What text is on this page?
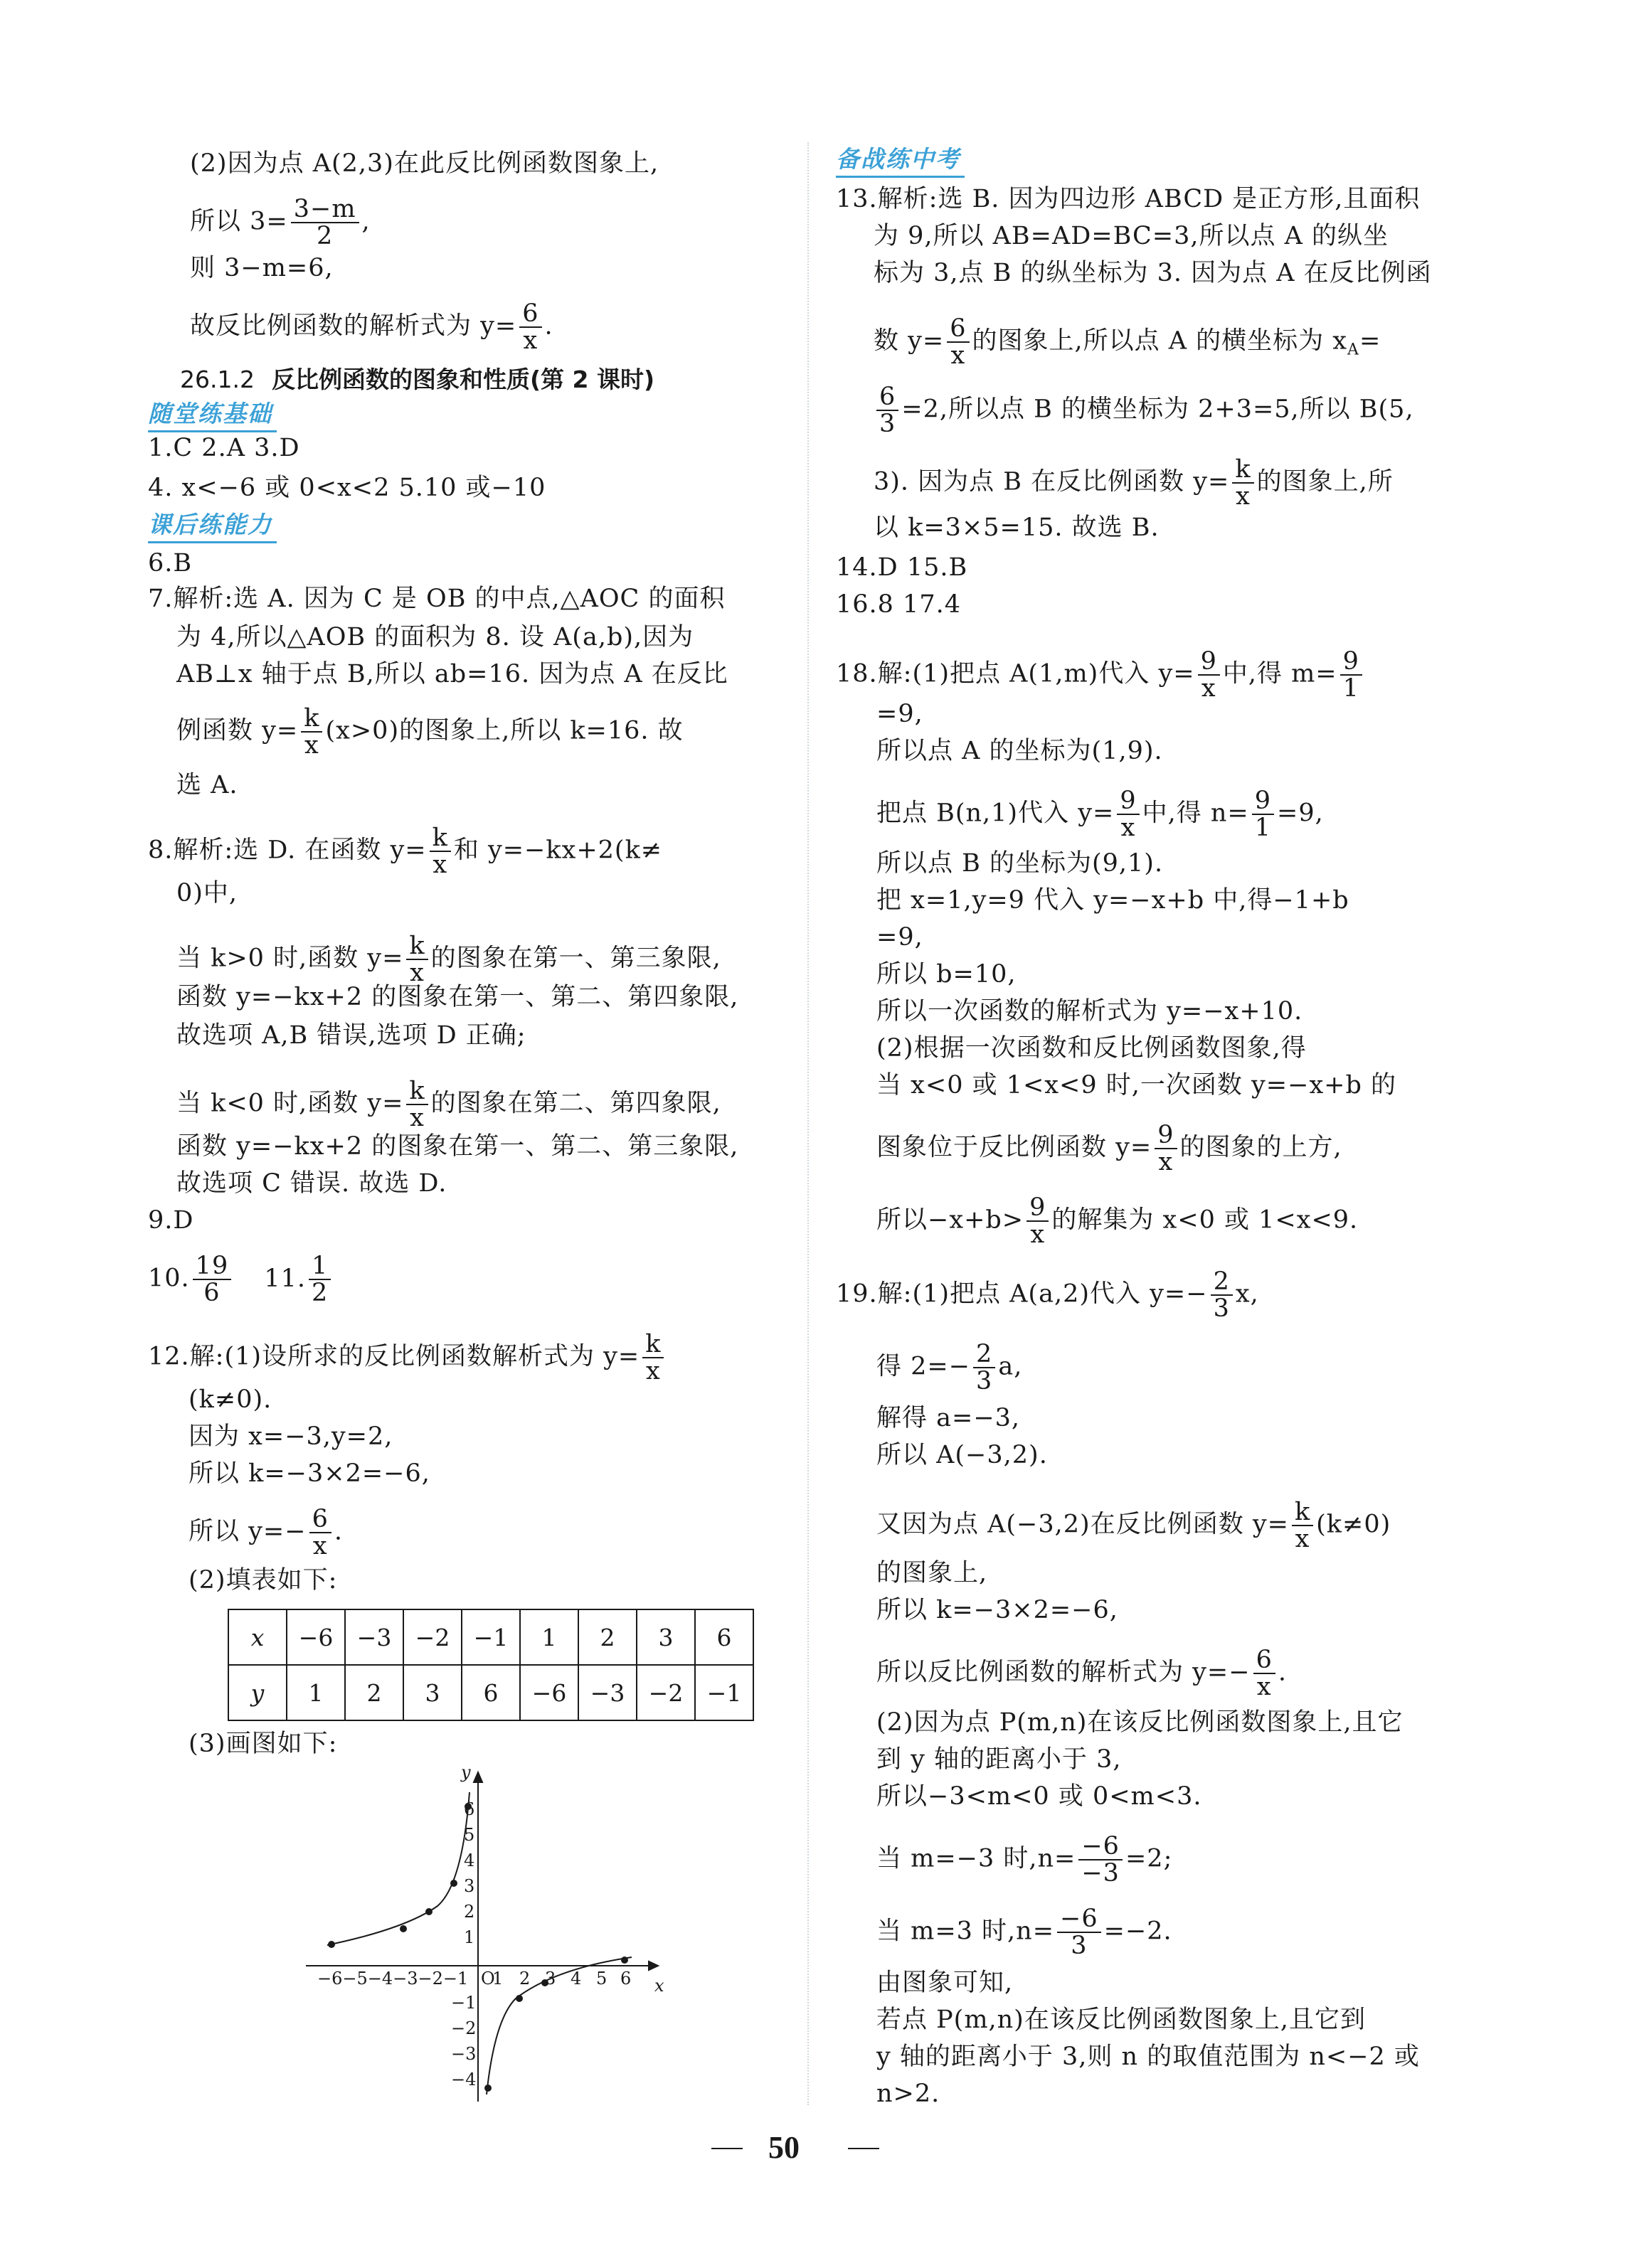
(2)因为点 A(2,3)在此反比例函数图象上,
所以 $3= \frac{3-m}{2}$ ,
则 3−m=6,
故反比例函数的解析式为 $y= \frac{6}{x}$ .
26.1.2 反比例函数的图象和性质(第 2 课时)
随堂练基础
1.C 2.A 3.D
4. x<−6 或 0<x<2 5.10 或−10
课后练能力
6.B
7.解析:选 A. 因为 C 是 OB 的中点,△AOC 的面积
为 4,所以△AOB 的面积为 8. 设 A(a,b),因为
AB⊥x 轴于点 B,所以 ab=16. 因为点 A 在反比
例函数 $y= \frac{k}{x} (x>0)$的图象上,所以 k=16. 故
选 A.
8.解析:选 D. 在函数 $y= \frac{k}{x}$ 和 y=−kx+2(k≠
0)中,
当 k>0 时,函数 $y= \frac{k}{x}$ 的图象在第一、第三象限,
函数 y=−kx+2 的图象在第一、第二、第四象限,
故选项 A,B 错误,选项 D 正确;
当 k<0 时,函数 $y= \frac{k}{x}$ 的图象在第二、第四象限,
函数 y=−kx+2 的图象在第一、第二、第三象限,
故选项 C 错误. 故选 D.
9.D
10. $\frac{19}{6} 11$. $\frac{1}{2}$
12.解:(1)设所求的反比例函数解析式为 $y= \frac{k}{x}$
(k≠0).
因为 x=−3,y=2,
所以 k=−3×2=−6,
所以 $y=- \frac{6}{x}$ .
(2)填表如下:
x	−6	−3	−2	−1	1	2	3	6
y	1	2	3	6	−6	−3	−2	−1
(3)画图如下:
x
y
O
−6−5−4−3−2−1 1 2 3 4 5 6
6
5
4
3
2
1
−1
−2
−3
−4
备战练中考
13.解析:选 B. 因为四边形 ABCD 是正方形,且面积
为 9,所以 AB=AD=BC=3,所以点 A 的纵坐
标为 3,点 B 的纵坐标为 3. 因为点 A 在反比例函
数 $y= \frac{6}{x}$ 的图象上,所以点 A 的横坐标为 $x_A=$
$\frac{6}{3} =2$,所以点 B 的横坐标为 2+3=5,所以 B(5,
3). 因为点 B 在反比例函数 $y= \frac{k}{x}$ 的图象上,所
以 k=3×5=15. 故选 B.
14.D 15.B
16.8 17.4
18.解:(1)把点 A(1,m)代入 $y= \frac{9}{x}$ 中,得 $m= \frac{9}{1}$
=9,
所以点 A 的坐标为(1,9).
把点 B(n,1)代入 $y= \frac{9}{x}$ 中,得 $n= \frac{9}{1} =9$,
所以点 B 的坐标为(9,1).
把 x=1,y=9 代入 y=−x+b 中,得−1+b
=9,
所以 b=10,
所以一次函数的解析式为 y=−x+10.
(2)根据一次函数和反比例函数图象,得
当 x<0 或 1<x<9 时,一次函数 y=−x+b 的
图象位于反比例函数 $y= \frac{9}{x}$ 的图象的上方,
所以$-x+b> \frac{9}{x}$ 的解集为 x<0 或 1<x<9.
19.解:(1)把点 A(a,2)代入 $y=- \frac{2}{3} x$,
得 $2=- \frac{2}{3} a$,
解得 a=−3,
所以 A(−3,2).
又因为点 A(−3,2)在反比例函数 $y= \frac{k}{x} (k\ne 0)$
的图象上,
所以 k=−3×2=−6,
所以反比例函数的解析式为 $y=- \frac{6}{x}$ .
(2)因为点 P(m,n)在该反比例函数图象上,且它
到 y 轴的距离小于 3,
所以−3<m<0 或 0<m<3.
当 m=−3 时$,n= \frac{-6}{-3} =2$;
当 m=3 时$,n= \frac{-6}{3} =-2$.
由图象可知,
若点 P(m,n)在该反比例函数图象上,且它到
y 轴的距离小于 3,则 n 的取值范围为 n<−2 或
n>2.
50
